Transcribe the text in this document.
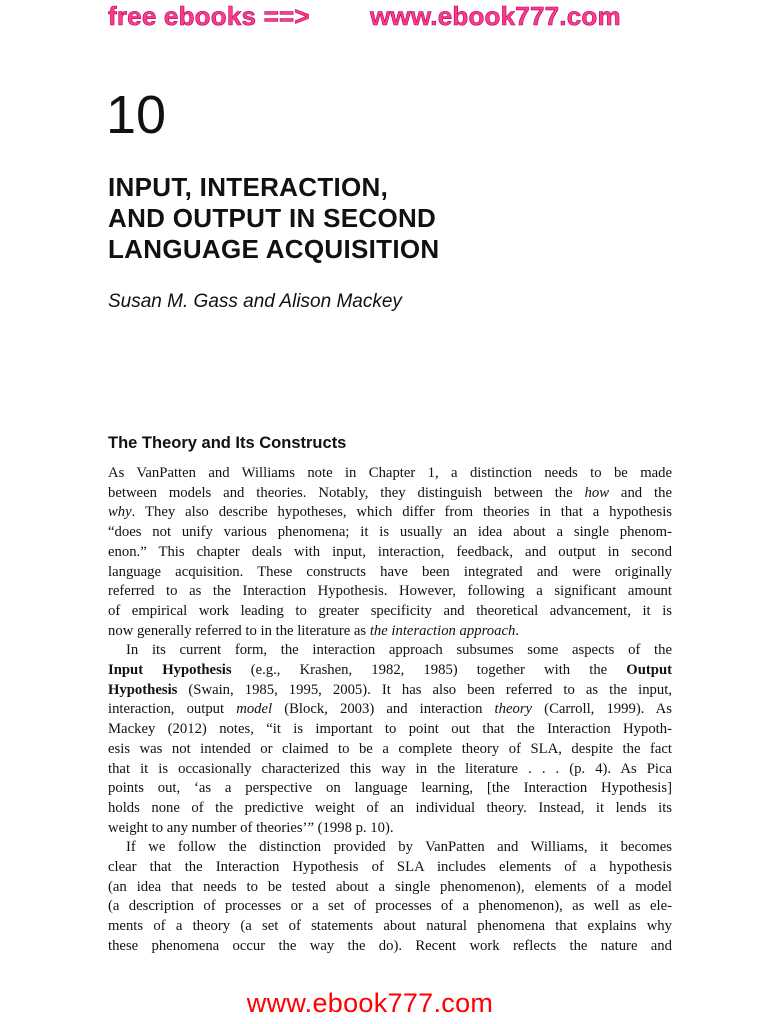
free ebooks ==> www.ebook777.com
10
INPUT, INTERACTION,
AND OUTPUT IN SECOND
LANGUAGE ACQUISITION
Susan M. Gass and Alison Mackey
The Theory and Its Constructs
As VanPatten and Williams note in Chapter 1, a distinction needs to be made
between models and theories. Notably, they distinguish between the how and the
why. They also describe hypotheses, which differ from theories in that a hypothesis
“does not unify various phenomena; it is usually an idea about a single phenom-
enon.” This chapter deals with input, interaction, feedback, and output in second
language acquisition. These constructs have been integrated and were originally
referred to as the Interaction Hypothesis. However, following a significant amount
of empirical work leading to greater specificity and theoretical advancement, it is
now generally referred to in the literature as the interaction approach.
In its current form, the interaction approach subsumes some aspects of the
Input Hypothesis (e.g., Krashen, 1982, 1985) together with the Output
Hypothesis (Swain, 1985, 1995, 2005). It has also been referred to as the input,
interaction, output model (Block, 2003) and interaction theory (Carroll, 1999). As
Mackey (2012) notes, “it is important to point out that the Interaction Hypoth-
esis was not intended or claimed to be a complete theory of SLA, despite the fact
that it is occasionally characterized this way in the literature . . . (p. 4). As Pica
points out, ‘as a perspective on language learning, [the Interaction Hypothesis]
holds none of the predictive weight of an individual theory. Instead, it lends its
weight to any number of theories’” (1998 p. 10).
If we follow the distinction provided by VanPatten and Williams, it becomes
clear that the Interaction Hypothesis of SLA includes elements of a hypothesis
(an idea that needs to be tested about a single phenomenon), elements of a model
(a description of processes or a set of processes of a phenomenon), as well as ele-
ments of a theory (a set of statements about natural phenomena that explains why
these phenomena occur the way the do). Recent work reflects the nature and
www.ebook777.com
